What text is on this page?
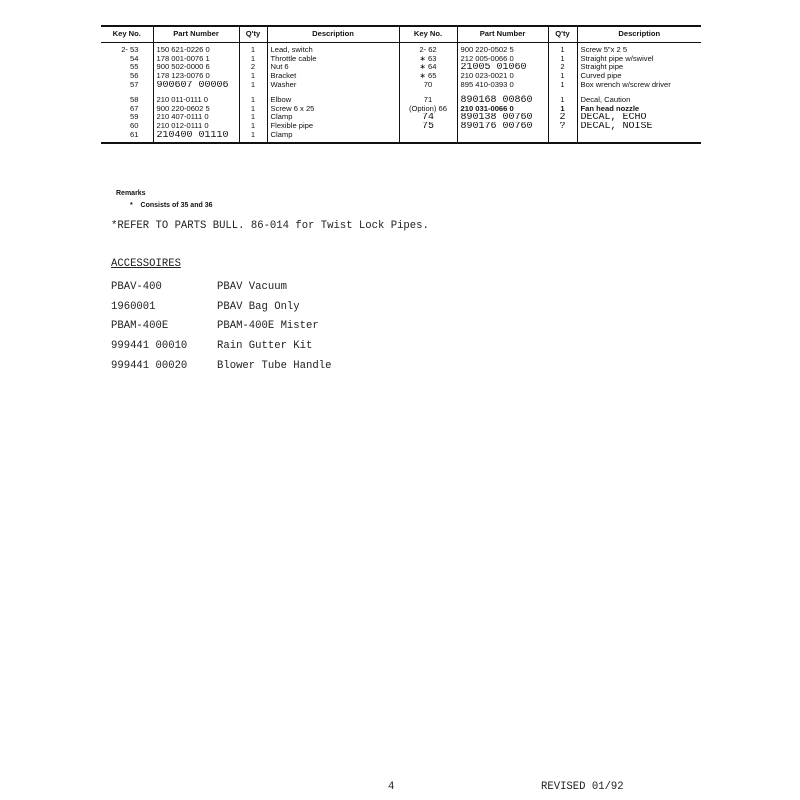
Key No.	Part Number	Q'ty	Description	Key No.	Part Number	Q'ty	Description
2- 53	150 621-0226 0	1	Lead, switch	2- 62	900 220-0502 5	1	Screw 5"x 2 5
54	178 001-0076 1	1	Throttle cable	∗ 63	212 005-0066 0	1	Straight pipe w/swivel
55	900 502-0000 6	2	Nut 6	∗ 64	21005 01060	2	Straight pipe
56	178 123-0076 0	1	Bracket	∗ 65	210 023-0021 0	1	Curved pipe
57	900607 00006	1	Washer	70	895 410-0393 0	1	Box wrench w/screw driver
58	210 011-0111 0	1	Elbow	71	890168 00860	1	Decal, Caution
67	900 220-0602 5	1	Screw 6 x 25	(Option) 66	210 031-0066 0	1	Fan head nozzle
59	210 407-0111 0	1	Clamp	74	890138 00760	2	DECAL, ECHO
60	210 012-0111 0	1	Flexible pipe	75	890176 00760	?	DECAL, NOISE
61	210400 01110	1	Clamp				
Remarks
* Consists of 35 and 36
*REFER TO PARTS BULL. 86-014 for Twist Lock Pipes.
ACCESSOIRES
PBAV-400	PBAV Vacuum
1960001	PBAV Bag Only
PBAM-400E	PBAM-400E Mister
999441 00010	Rain Gutter Kit
999441 00020	Blower Tube Handle
4	REVISED 01/92
